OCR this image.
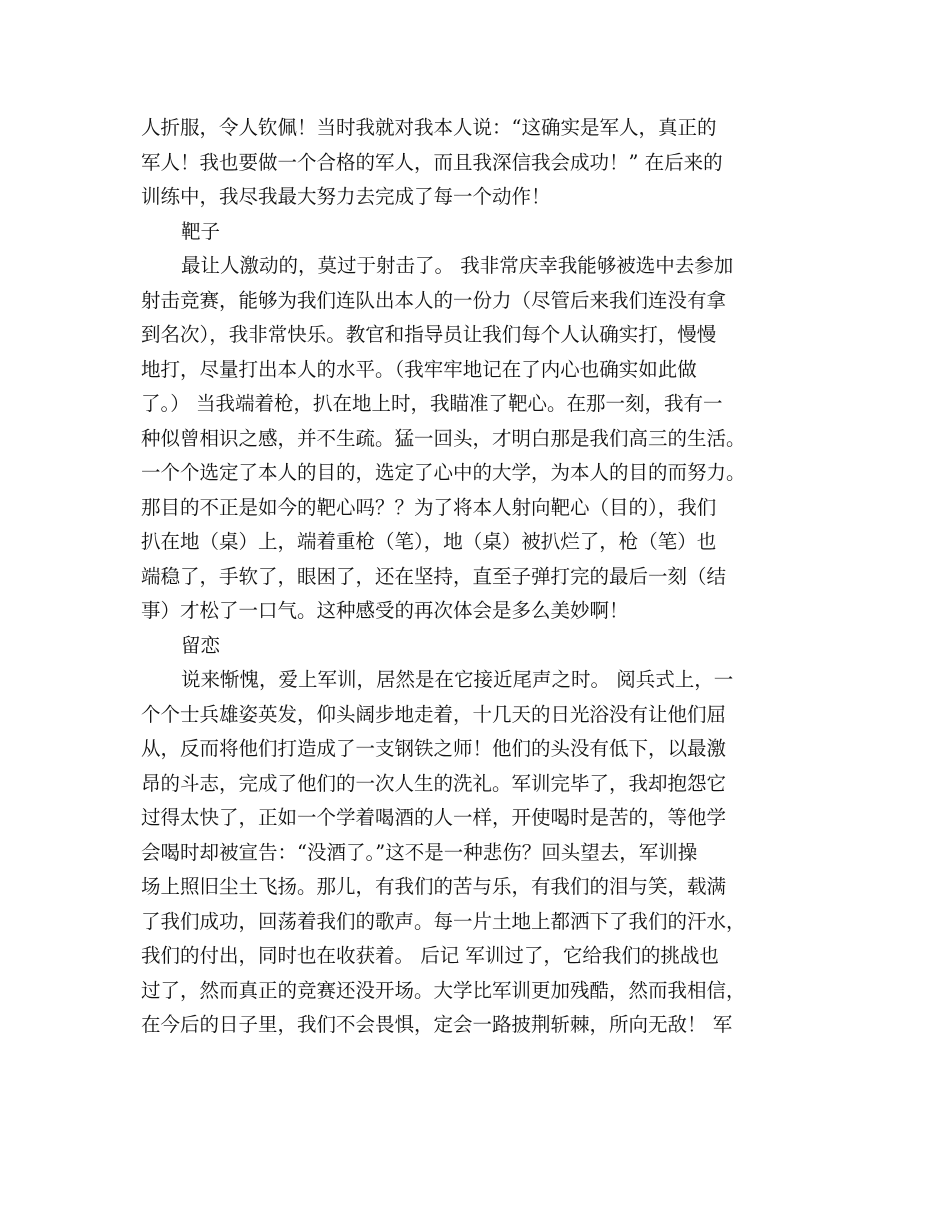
人折服，令人钦佩！当时我就对我本人说：“这确实是军人，真正的
军人！我也要做一个合格的军人，而且我深信我会成功！” 在后来的
训练中，我尽我最大努力去完成了每一个动作！
靶子
最让人激动的，莫过于射击了。 我非常庆幸我能够被选中去参加
射击竞赛，能够为我们连队出本人的一份力（尽管后来我们连没有拿
到名次），我非常快乐。教官和指导员让我们每个人认确实打，慢慢
地打，尽量打出本人的水平。（我牢牢地记在了内心也确实如此做
了。） 当我端着枪，扒在地上时，我瞄准了靶心。在那一刻，我有一
种似曾相识之感，并不生疏。猛一回头，才明白那是我们高三的生活。
一个个选定了本人的目的，选定了心中的大学，为本人的目的而努力。
那目的不正是如今的靶心吗？？为了将本人射向靶心（目的），我们
扒在地（桌）上，端着重枪（笔），地（桌）被扒烂了，枪（笔）也
端稳了，手软了，眼困了，还在坚持，直至子弹打完的最后一刻（结
事）才松了一口气。这种感受的再次体会是多么美妙啊！
留恋
说来惭愧，爱上军训，居然是在它接近尾声之时。 阅兵式上，一
个个士兵雄姿英发，仰头阔步地走着，十几天的日光浴没有让他们屈
从，反而将他们打造成了一支钢铁之师！他们的头没有低下，以最激
昂的斗志，完成了他们的一次人生的洗礼。军训完毕了，我却抱怨它
过得太快了，正如一个学着喝酒的人一样，开使喝时是苦的，等他学
会喝时却被宣告：“没酒了。”这不是一种悲伤？回头望去，军训操
场上照旧尘土飞扬。那儿，有我们的苦与乐，有我们的泪与笑，载满
了我们成功，回荡着我们的歌声。每一片土地上都洒下了我们的汗水，
我们的付出，同时也在收获着。 后记 军训过了，它给我们的挑战也
过了，然而真正的竞赛还没开场。大学比军训更加残酷，然而我相信，
在今后的日子里，我们不会畏惧，定会一路披荆斩棘，所向无敌！ 军
